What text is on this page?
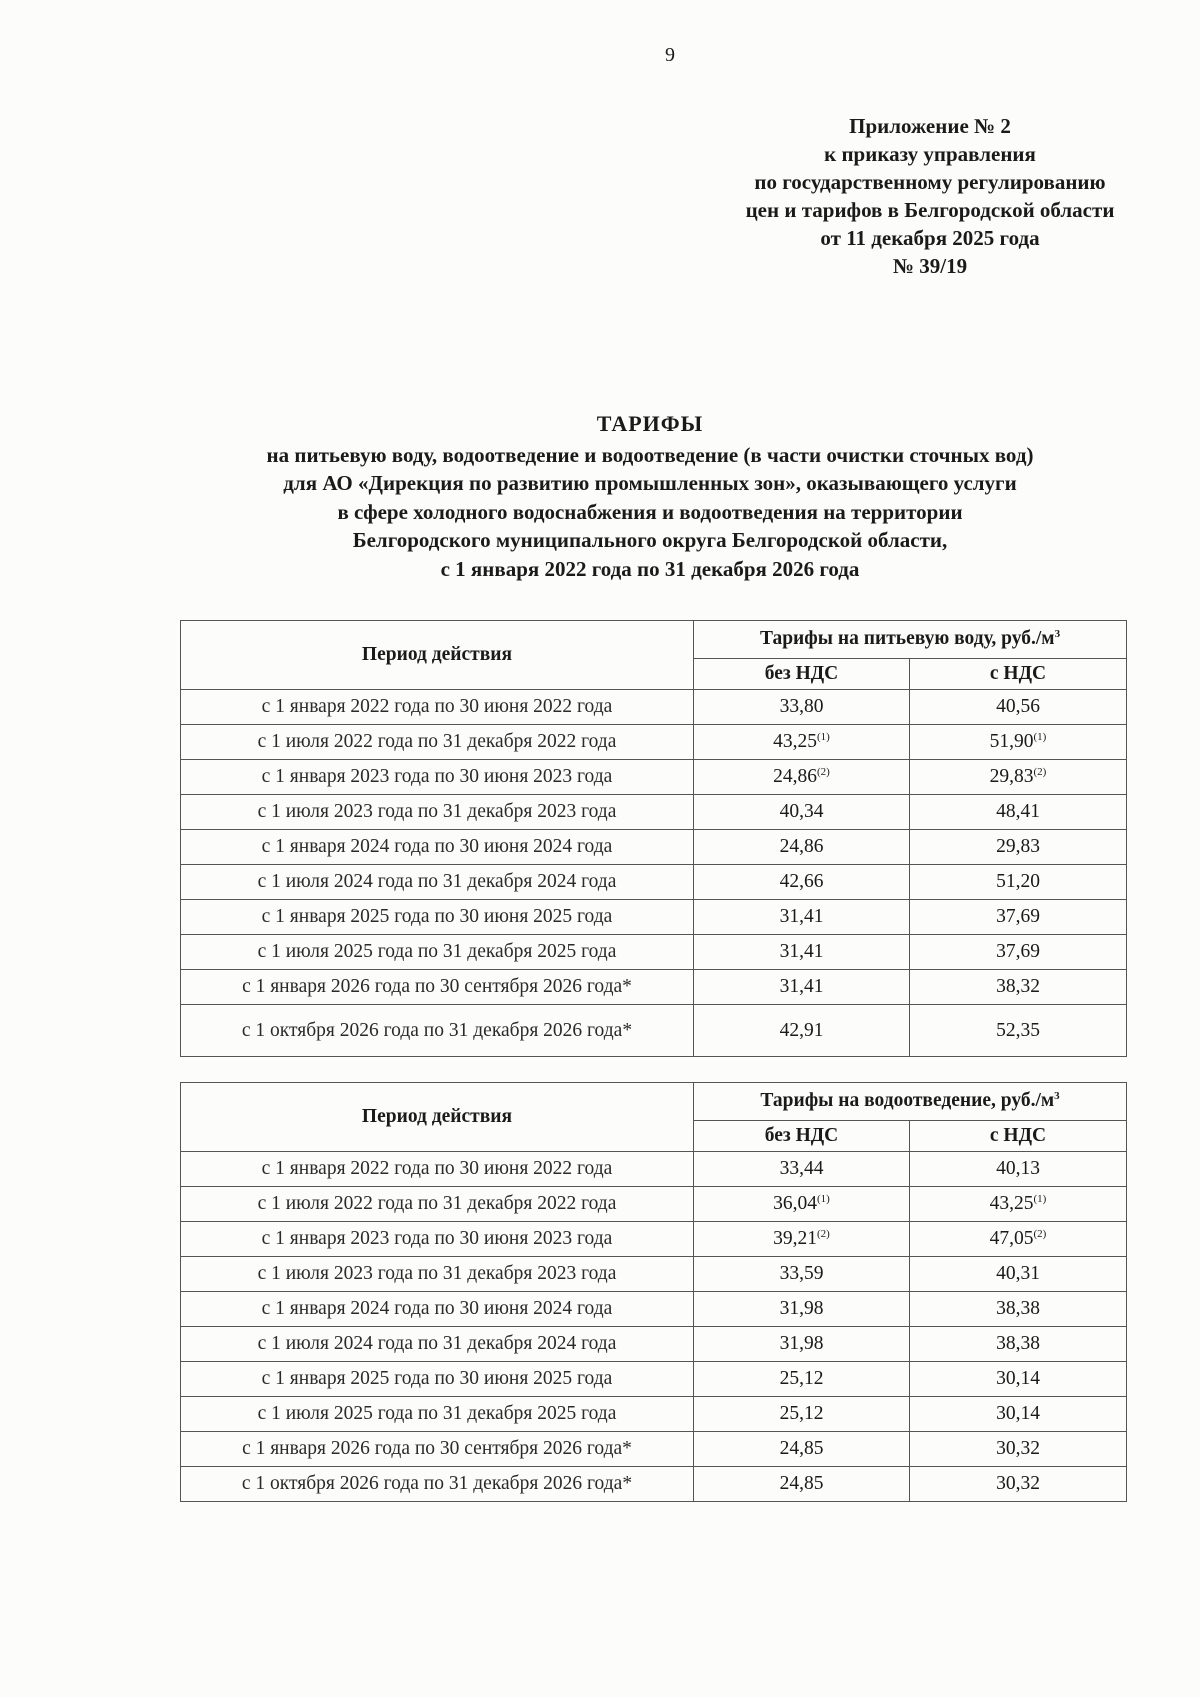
9
Приложение № 2
к приказу управления
по государственному регулированию
цен и тарифов в Белгородской области
от 11 декабря 2025 года
№ 39/19
ТАРИФЫ
на питьевую воду, водоотведение и водоотведение (в части очистки сточных вод)
для АО «Дирекция по развитию промышленных зон», оказывающего услуги
в сфере холодного водоснабжения и водоотведения на территории
Белгородского муниципального округа Белгородской области,
с 1 января 2022 года по 31 декабря 2026 года
Период действия	Тарифы на питьевую воду, $руб./м^3$
	без НДС	с НДС
с 1 января 2022 года по 30 июня 2022 года	33,80	40,56
с 1 июля 2022 года по 31 декабря 2022 года	43,25$^{(1)}$	51,90$^{(1)}$
с 1 января 2023 года по 30 июня 2023 года	24,86$^{(2)}$	29,83$^{(2)}$
с 1 июля 2023 года по 31 декабря 2023 года	40,34	48,41
с 1 января 2024 года по 30 июня 2024 года	24,86	29,83
с 1 июля 2024 года по 31 декабря 2024 года	42,66	51,20
с 1 января 2025 года по 30 июня 2025 года	31,41	37,69
с 1 июля 2025 года по 31 декабря 2025 года	31,41	37,69
с 1 января 2026 года по 30 сентября 2026 года*	31,41	38,32
с 1 октября 2026 года по 31 декабря 2026 года*	42,91	52,35
Период действия	Тарифы на водоотведение, $руб./м^3$
	без НДС	с НДС
с 1 января 2022 года по 30 июня 2022 года	33,44	40,13
с 1 июля 2022 года по 31 декабря 2022 года	36,04$^{(1)}$	43,25$^{(1)}$
с 1 января 2023 года по 30 июня 2023 года	39,21$^{(2)}$	47,05$^{(2)}$
с 1 июля 2023 года по 31 декабря 2023 года	33,59	40,31
с 1 января 2024 года по 30 июня 2024 года	31,98	38,38
с 1 июля 2024 года по 31 декабря 2024 года	31,98	38,38
с 1 января 2025 года по 30 июня 2025 года	25,12	30,14
с 1 июля 2025 года по 31 декабря 2025 года	25,12	30,14
с 1 января 2026 года по 30 сентября 2026 года*	24,85	30,32
с 1 октября 2026 года по 31 декабря 2026 года*	24,85	30,32
